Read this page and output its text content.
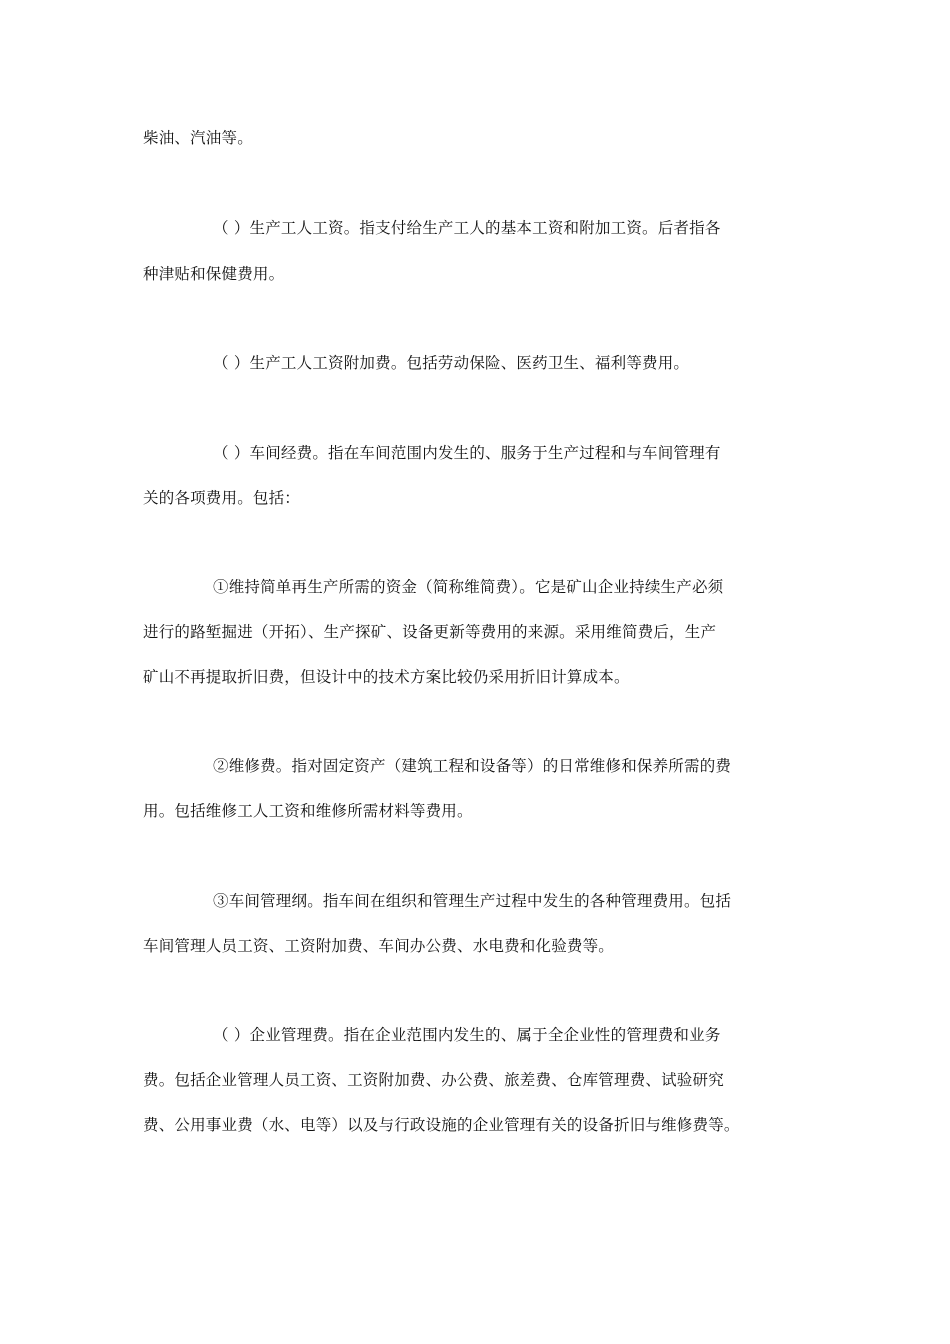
柴油、汽油等。
（ ）生产工人工资。指支付给生产工人的基本工资和附加工资。后者指各
种津贴和保健费用。
（ ）生产工人工资附加费。包括劳动保险、医药卫生、福利等费用。
（ ）车间经费。指在车间范围内发生的、服务于生产过程和与车间管理有
关的各项费用。包括：
①维持简单再生产所需的资金（简称维简费）。它是矿山企业持续生产必须
进行的路堑掘进（开拓）、生产探矿、设备更新等费用的来源。采用维简费后，生产
矿山不再提取折旧费，但设计中的技术方案比较仍采用折旧计算成本。
②维修费。指对固定资产（建筑工程和设备等）的日常维修和保养所需的费
用。包括维修工人工资和维修所需材料等费用。
③车间管理纲。指车间在组织和管理生产过程中发生的各种管理费用。包括
车间管理人员工资、工资附加费、车间办公费、水电费和化验费等。
（ ）企业管理费。指在企业范围内发生的、属于全企业性的管理费和业务
费。包括企业管理人员工资、工资附加费、办公费、旅差费、仓库管理费、试验研究
费、公用事业费（水、电等）以及与行政设施的企业管理有关的设备折旧与维修费等。
